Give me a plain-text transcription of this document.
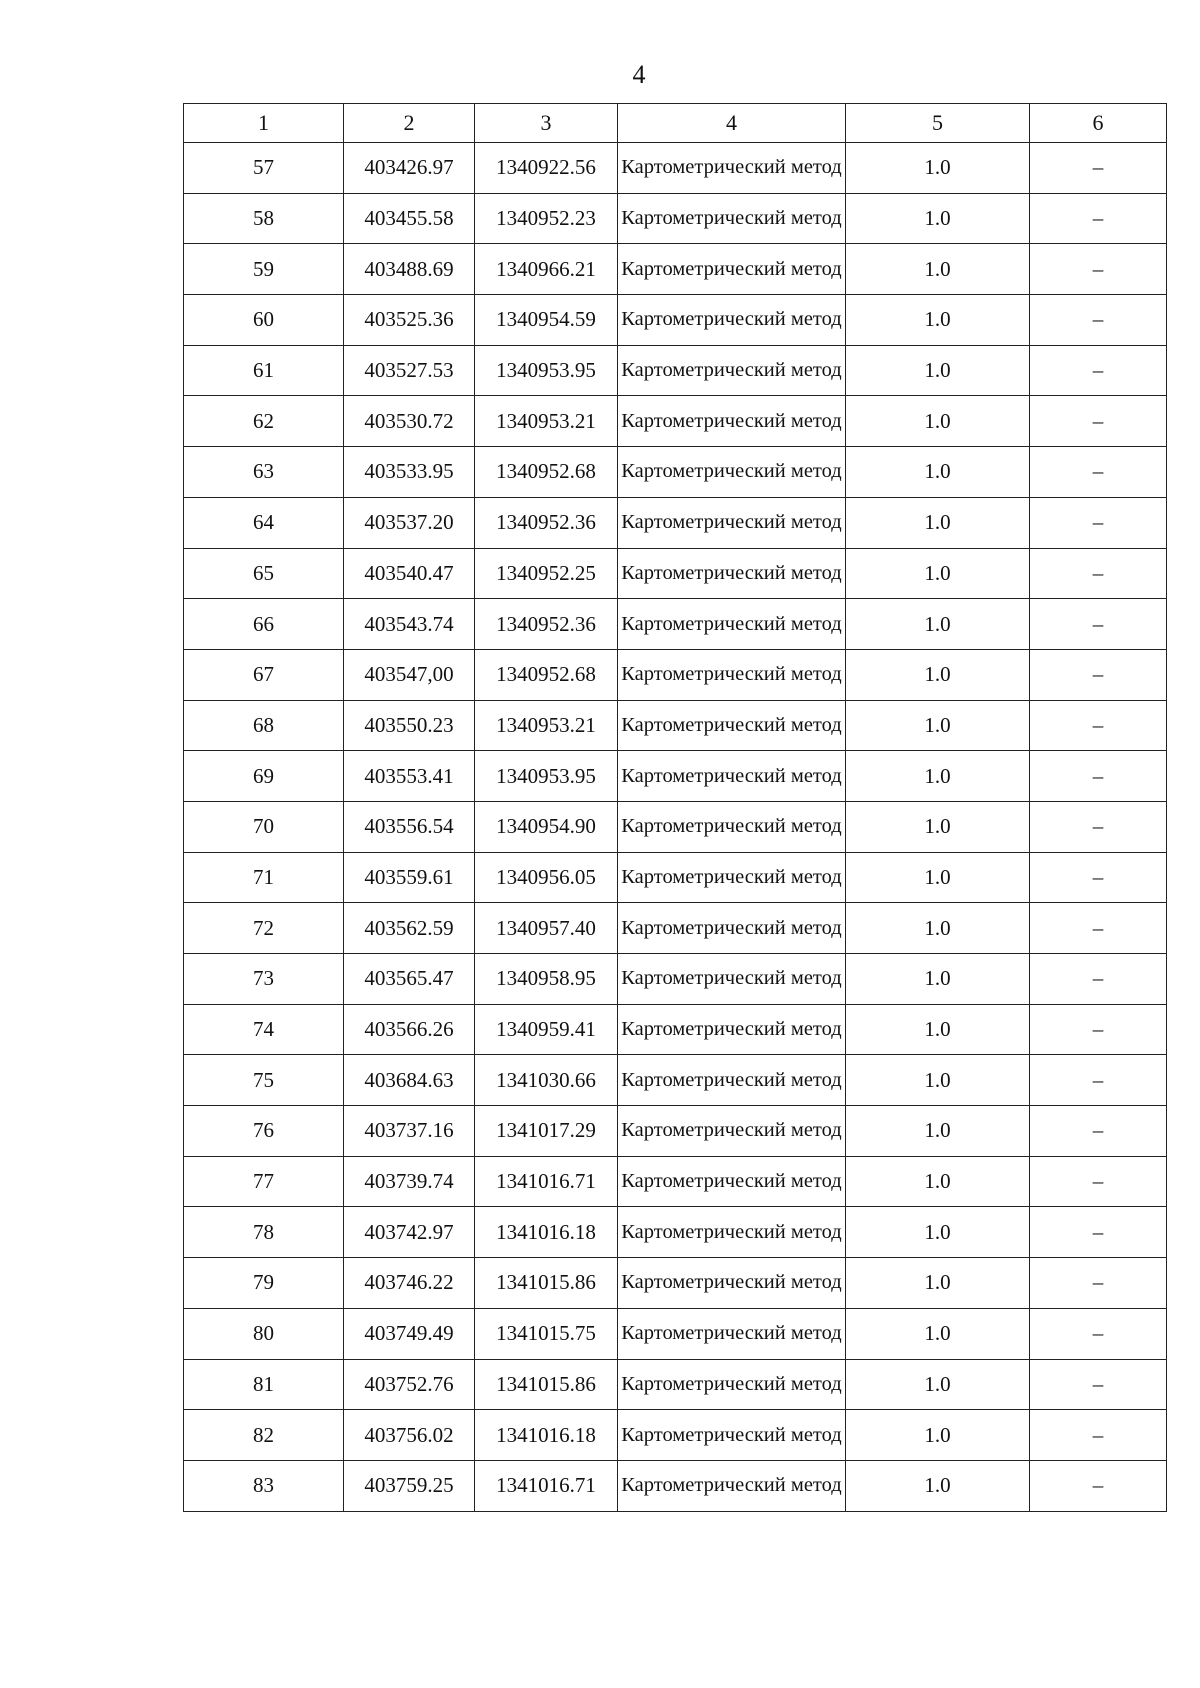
4
1	2	3	4	5	6
57	403426.97	1340922.56	Картометрический метод	1.0	–
58	403455.58	1340952.23	Картометрический метод	1.0	–
59	403488.69	1340966.21	Картометрический метод	1.0	–
60	403525.36	1340954.59	Картометрический метод	1.0	–
61	403527.53	1340953.95	Картометрический метод	1.0	–
62	403530.72	1340953.21	Картометрический метод	1.0	–
63	403533.95	1340952.68	Картометрический метод	1.0	–
64	403537.20	1340952.36	Картометрический метод	1.0	–
65	403540.47	1340952.25	Картометрический метод	1.0	–
66	403543.74	1340952.36	Картометрический метод	1.0	–
67	403547,00	1340952.68	Картометрический метод	1.0	–
68	403550.23	1340953.21	Картометрический метод	1.0	–
69	403553.41	1340953.95	Картометрический метод	1.0	–
70	403556.54	1340954.90	Картометрический метод	1.0	–
71	403559.61	1340956.05	Картометрический метод	1.0	–
72	403562.59	1340957.40	Картометрический метод	1.0	–
73	403565.47	1340958.95	Картометрический метод	1.0	–
74	403566.26	1340959.41	Картометрический метод	1.0	–
75	403684.63	1341030.66	Картометрический метод	1.0	–
76	403737.16	1341017.29	Картометрический метод	1.0	–
77	403739.74	1341016.71	Картометрический метод	1.0	–
78	403742.97	1341016.18	Картометрический метод	1.0	–
79	403746.22	1341015.86	Картометрический метод	1.0	–
80	403749.49	1341015.75	Картометрический метод	1.0	–
81	403752.76	1341015.86	Картометрический метод	1.0	–
82	403756.02	1341016.18	Картометрический метод	1.0	–
83	403759.25	1341016.71	Картометрический метод	1.0	–
